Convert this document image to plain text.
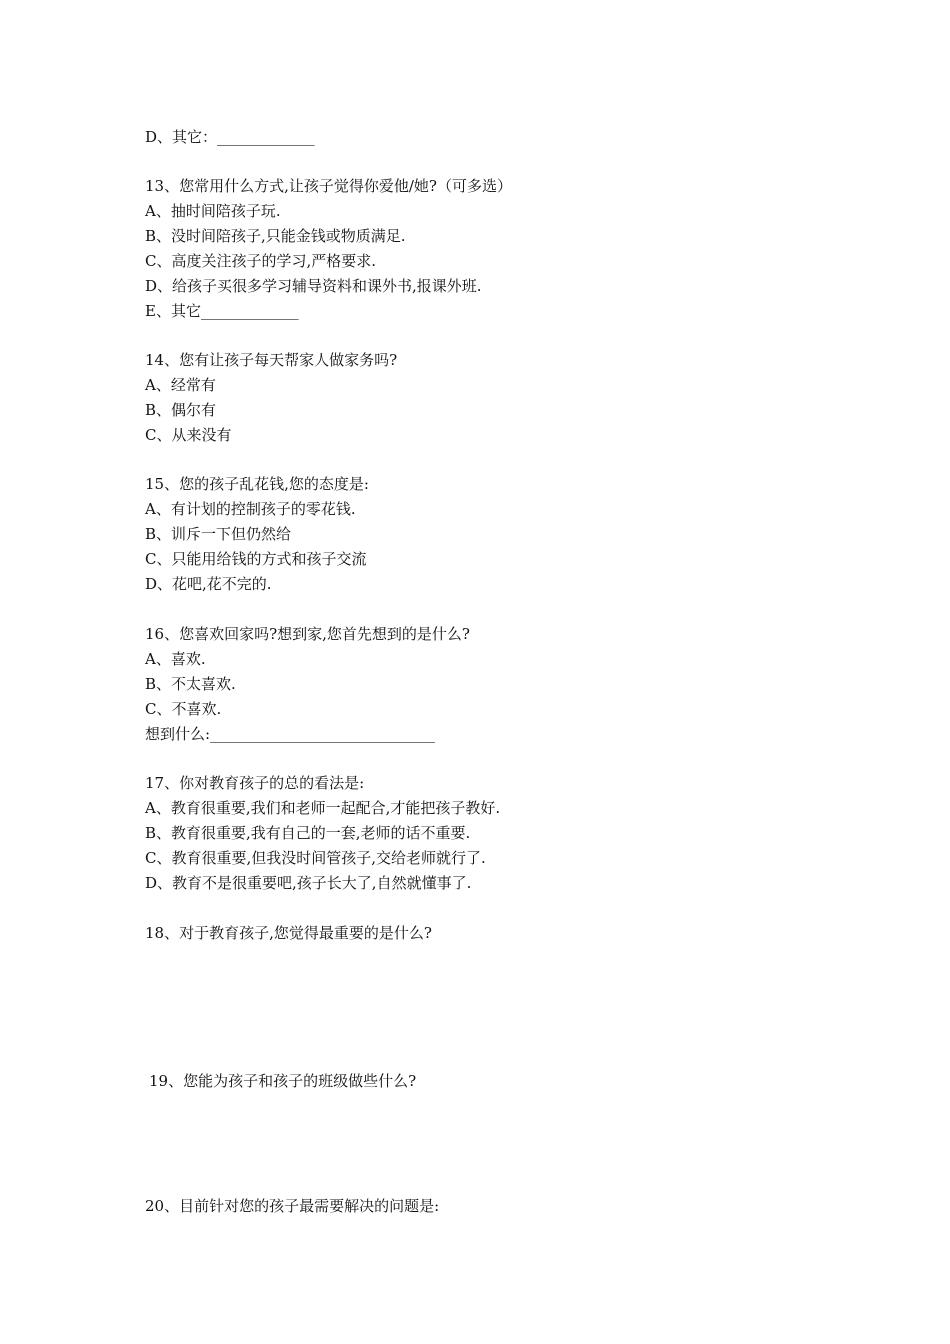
D、其它：_____________
13、您常用什么方式,让孩子觉得你爱他/她?（可多选）
A、抽时间陪孩子玩.
B、没时间陪孩子,只能金钱或物质满足.
C、高度关注孩子的学习,严格要求.
D、给孩子买很多学习辅导资料和课外书,报课外班.
E、其它_____________
14、您有让孩子每天帮家人做家务吗?
A、经常有
B、偶尔有
C、从来没有
15、您的孩子乱花钱,您的态度是:
A、有计划的控制孩子的零花钱.
B、训斥一下但仍然给
C、只能用给钱的方式和孩子交流
D、花吧,花不完的.
16、您喜欢回家吗?想到家,您首先想到的是什么?
A、喜欢.
B、不太喜欢.
C、不喜欢.
想到什么:______________________________
17、你对教育孩子的总的看法是:
A、教育很重要,我们和老师一起配合,才能把孩子教好.
B、教育很重要,我有自己的一套,老师的话不重要.
C、教育很重要,但我没时间管孩子,交给老师就行了.
D、教育不是很重要吧,孩子长大了,自然就懂事了.
18、对于教育孩子,您觉得最重要的是什么?
19、您能为孩子和孩子的班级做些什么?
20、目前针对您的孩子最需要解决的问题是:
